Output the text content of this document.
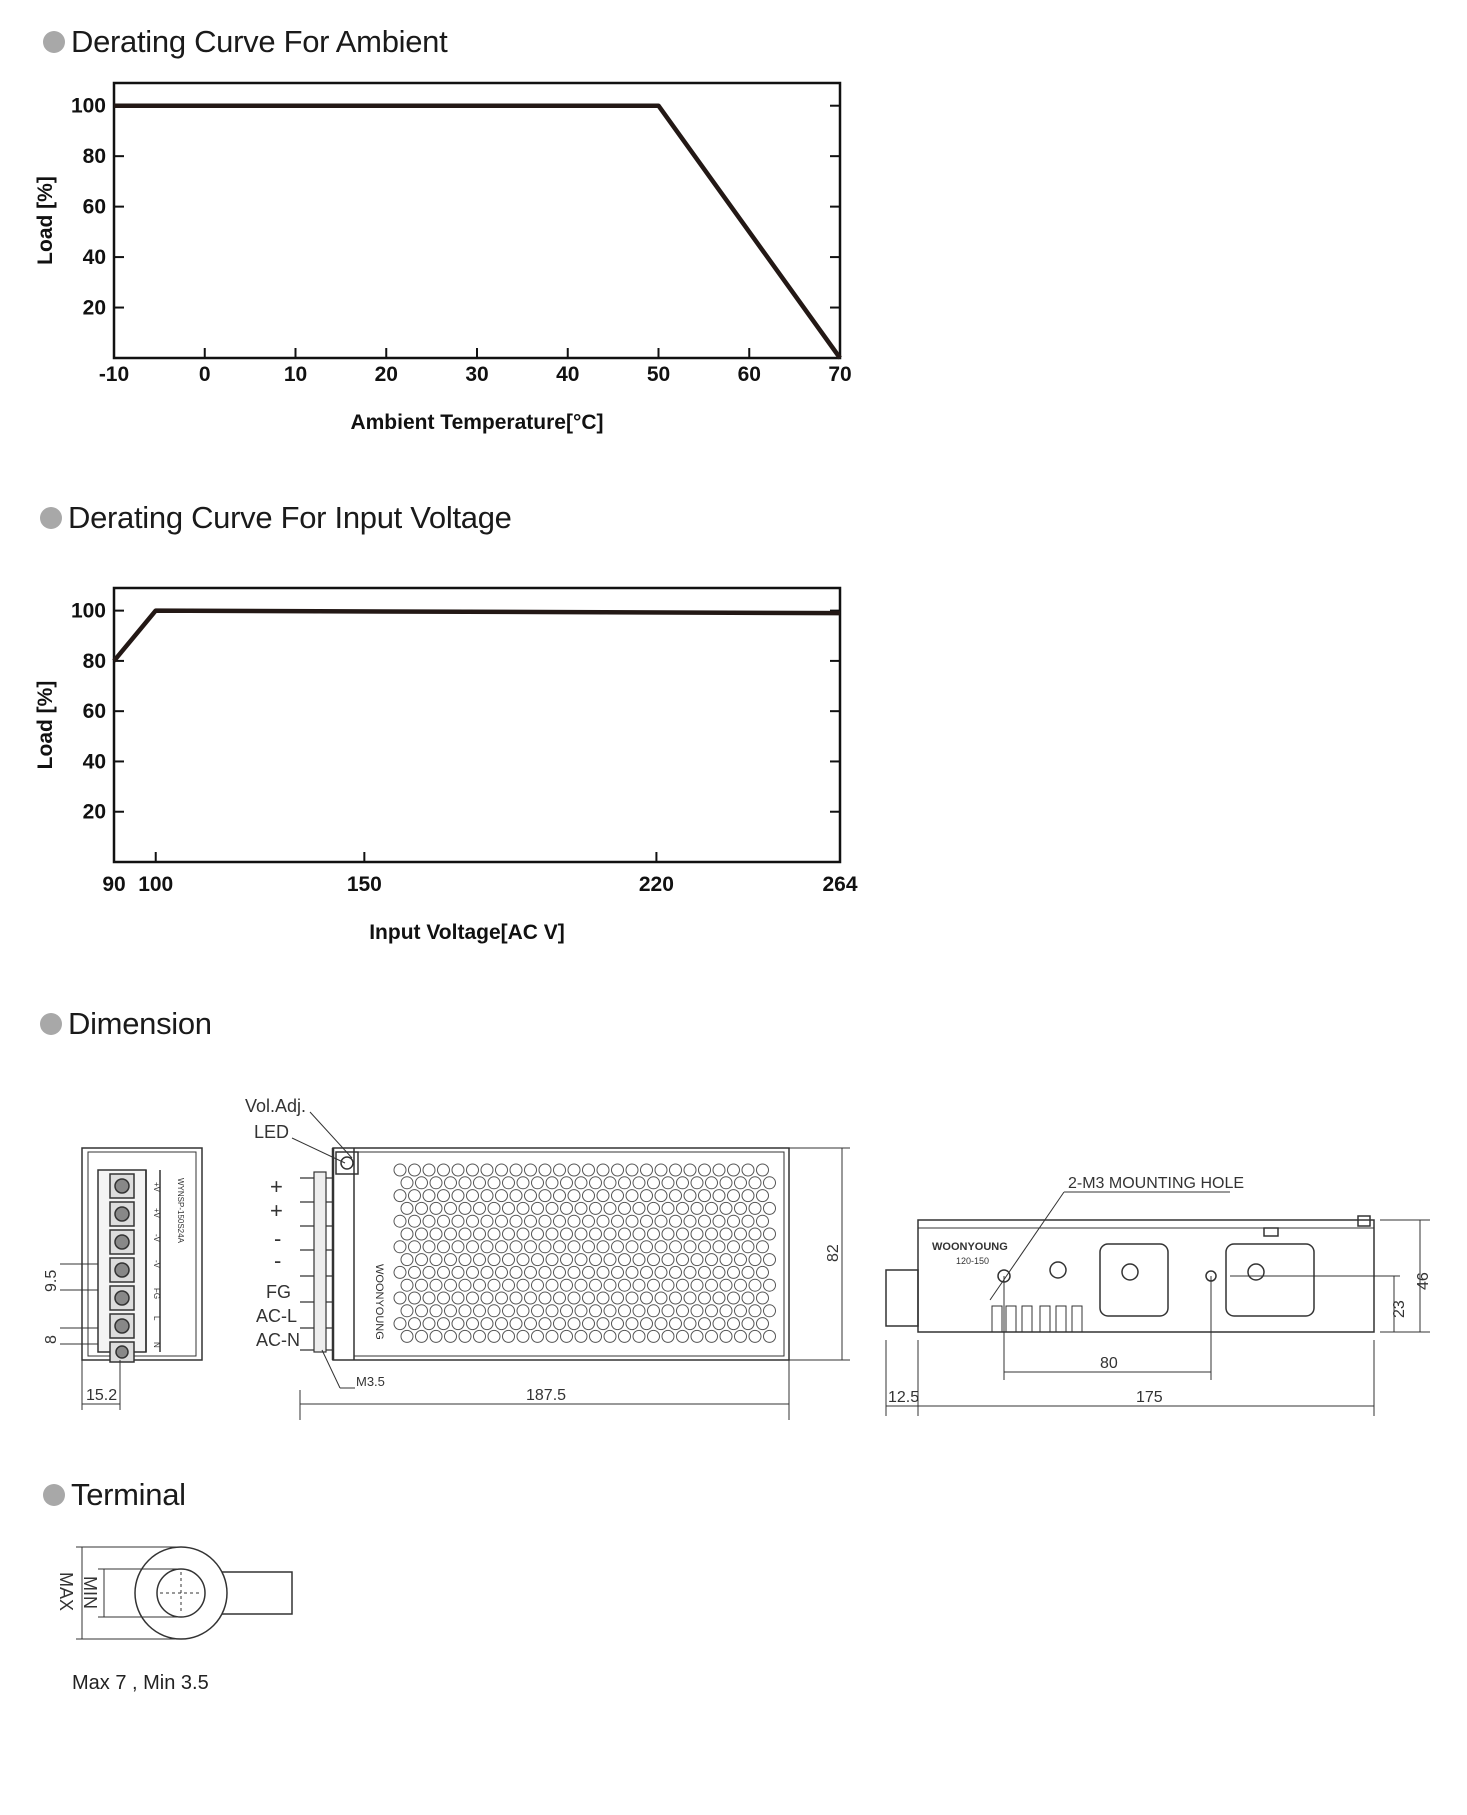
Derating Curve For Ambient
Derating Curve For Input Voltage
Dimension
Terminal
-10	0	10	20	30	40	50	60	70
20
40
60
80
100
Ambient Temperature[°C]
Load [%]
90 100	150	220	264
20
40
60
80
100
Input Voltage[AC V]
Load [%]
+V
+V
-V
-V
FG
L
N
WYNSP-150S24A
9.5
8
15.2
WOONYOUNG
Vol.Adj.
LED
M3.5
187.5
82
+
+
-
-
FG
AC-L
AC-N
2-M3 MOUNTING HOLE
80
12.5	175
23
46
WOONYOUNG
120-150
MAX MIN
Max 7 , Min 3.5
